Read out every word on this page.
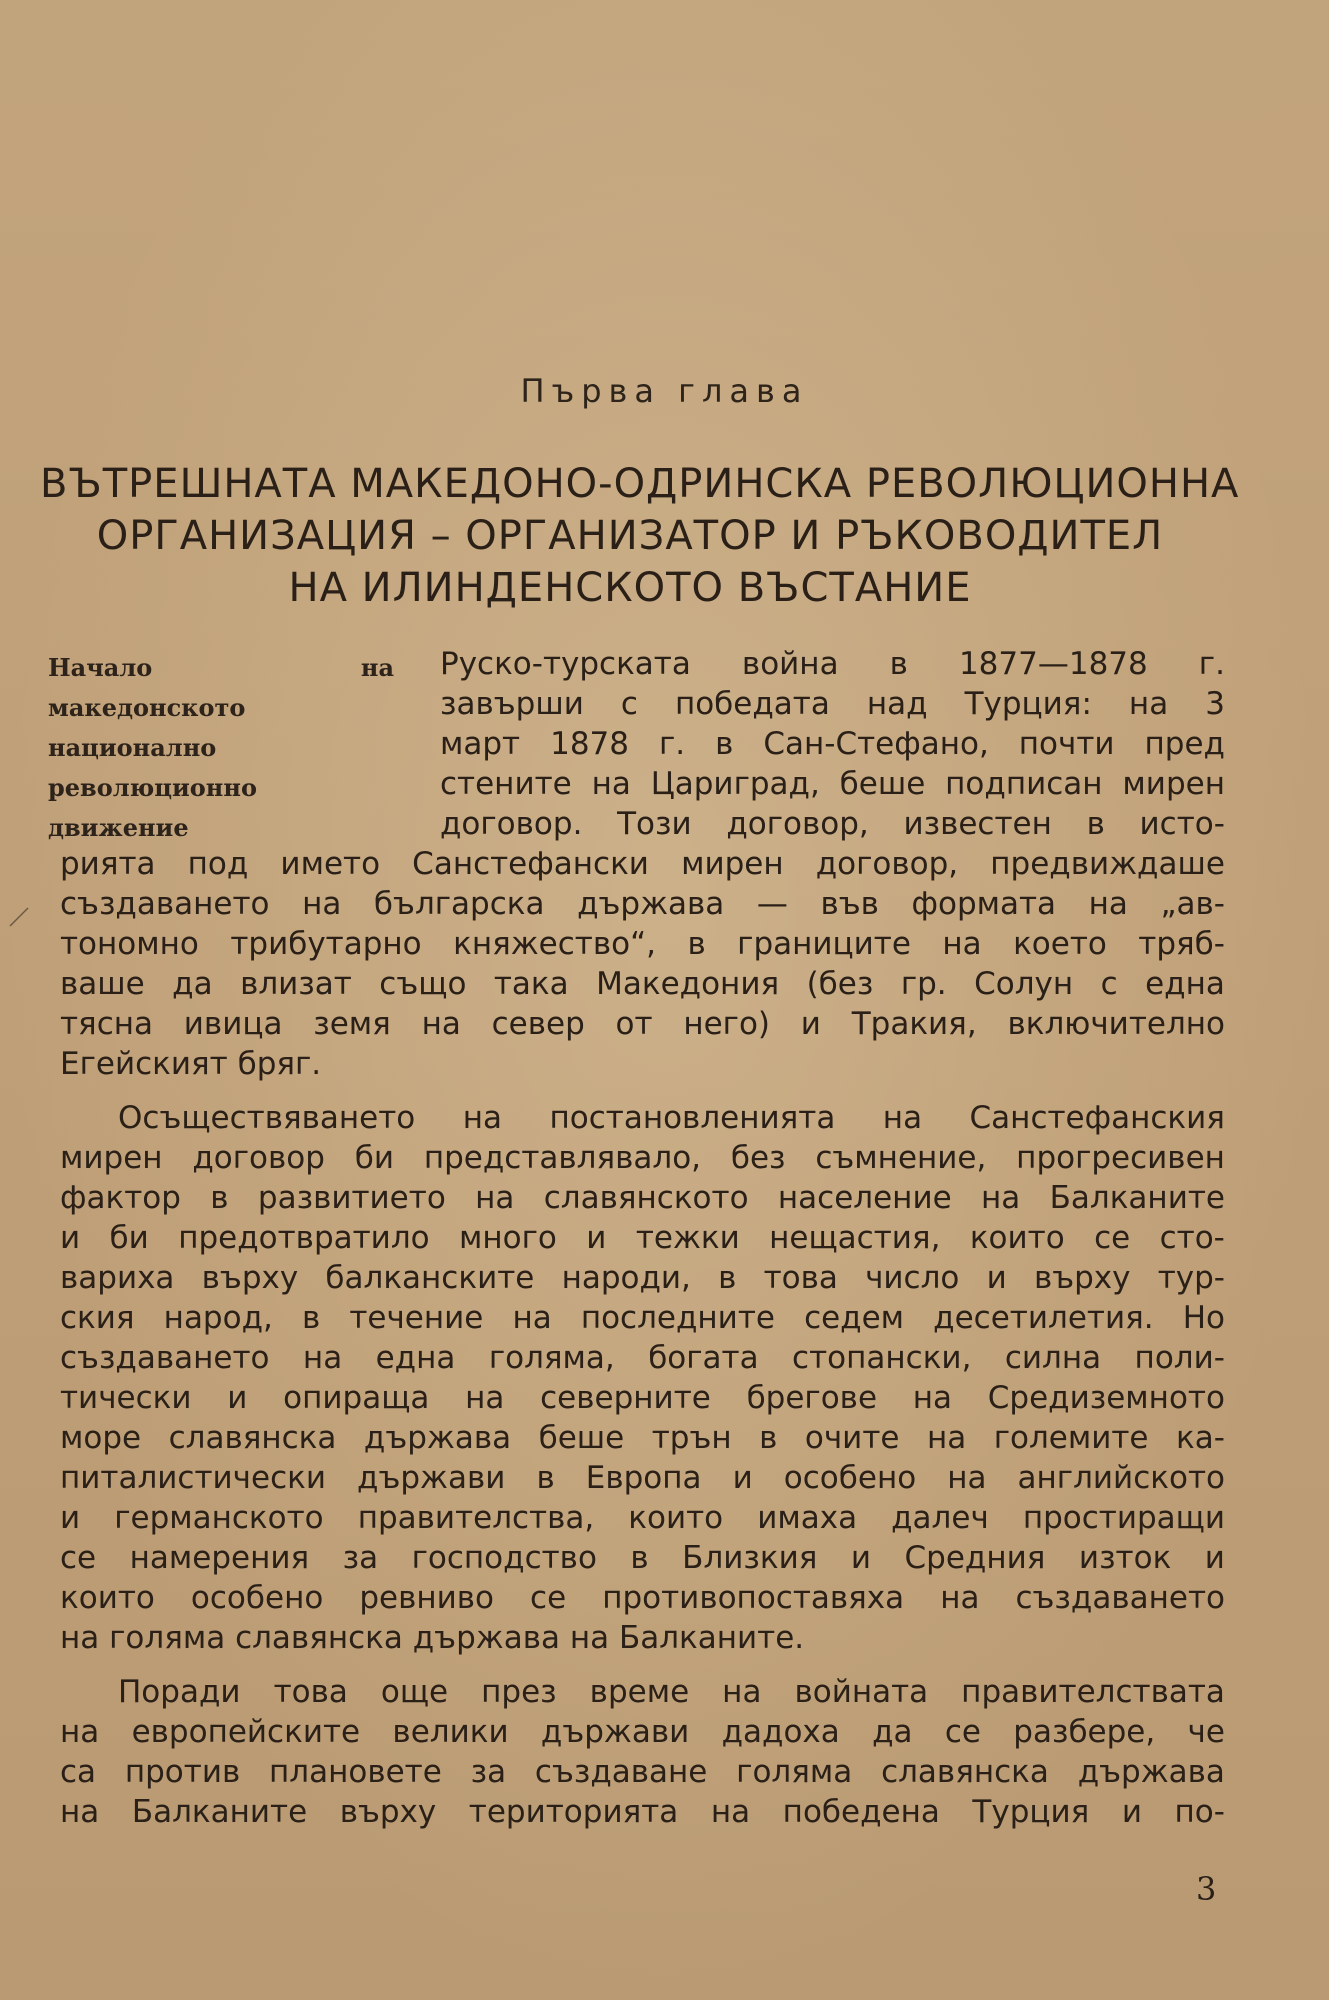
Първа глава
ВЪТРЕШНАТА МАКЕДОНО-ОДРИНСКА РЕВОЛЮЦИОННА
ОРГАНИЗАЦИЯ – ОРГАНИЗАТОР И РЪКОВОДИТЕЛ
НА ИЛИНДЕНСКОТО ВЪСТАНИЕ
Начало на македонското национално революционно движение
Руско-турската война в 1877—1878 г.
завърши с победата над Турция: на 3
март 1878 г. в Сан-Стефано, почти пред
стените на Цариград, беше подписан мирен
договор. Този договор, известен в исто-
рията под името Санстефански мирен договор, предвиждаше
създаването на българска държава — във формата на „ав-
тономно трибутарно княжество“, в границите на което тряб-
ваше да влизат също така Македония (без гр. Солун с една
тясна ивица земя на север от него) и Тракия, включително
Егейският бряг.
Осъществяването на постановленията на Санстефанския
мирен договор би представлявало, без съмнение, прогресивен
фактор в развитието на славянското население на Балканите
и би предотвратило много и тежки нещастия, които се сто-
вариха върху балканските народи, в това число и върху тур-
ския народ, в течение на последните седем десетилетия. Но
създаването на една голяма, богата стопански, силна поли-
тически и опираща на северните брегове на Средиземното
море славянска държава беше трън в очите на големите ка-
питалистически държави в Европа и особено на английското
и германското правителства, които имаха далеч простиращи
се намерения за господство в Близкия и Средния изток и
които особено ревниво се противопоставяха на създаването
на голяма славянска държава на Балканите.
Поради това още през време на войната правителствата
на европейските велики държави дадоха да се разбере, че
са против плановете за създаване голяма славянска държава
на Балканите върху територията на победена Турция и по-
3
